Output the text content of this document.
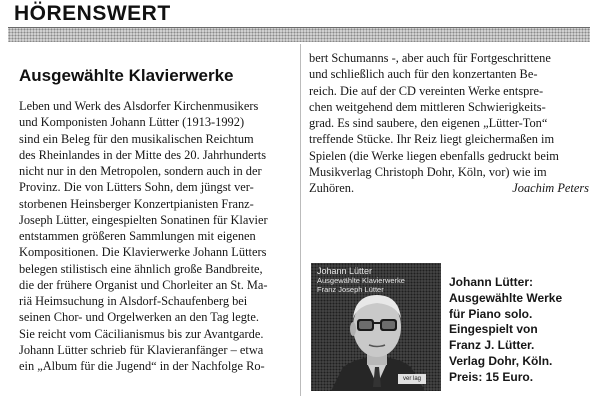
HÖRENSWERT
Ausgewählte Klavierwerke
Leben und Werk des Alsdorfer Kirchenmusikers
und Komponisten Johann Lütter (1913-1992)
sind ein Beleg für den musikalischen Reichtum
des Rheinlandes in der Mitte des 20. Jahrhunderts
nicht nur in den Metropolen, sondern auch in der
Provinz. Die von Lütters Sohn, dem jüngst ver-
storbenen Heinsberger Konzertpianisten Franz-
Joseph Lütter, eingespielten Sonatinen für Klavier
entstammen größeren Sammlungen mit eigenen
Kompositionen. Die Klavierwerke Johann Lütters
belegen stilistisch eine ähnlich große Bandbreite,
die der frühere Organist und Chorleiter an St. Ma-
riä Heimsuchung in Alsdorf-Schaufenberg bei
seinen Chor- und Orgelwerken an den Tag legte.
Sie reicht vom Cäcilianismus bis zur Avantgarde.
Johann Lütter schrieb für Klavieranfänger – etwa
ein „Album für die Jugend“ in der Nachfolge Ro-
bert Schumanns -, aber auch für Fortgeschrittene
und schließlich auch für den konzertanten Be-
reich. Die auf der CD vereinten Werke entspre-
chen weitgehend dem mittleren Schwierigkeits-
grad. Es sind saubere, den eigenen „Lütter-Ton“
treffende Stücke. Ihr Reiz liegt gleichermaßen im
Spielen (die Werke liegen ebenfalls gedruckt beim
Musikverlag Christoph Dohr, Köln, vor) wie im
Zuhören.	Joachim Peters
Johann Lütter
Ausgewählte Klavierwerke
Franz Joseph Lütter
ver lag
Johann Lütter:
Ausgewählte Werke
für Piano solo.
Eingespielt von
Franz J. Lütter.
Verlag Dohr, Köln.
Preis: 15 Euro.
